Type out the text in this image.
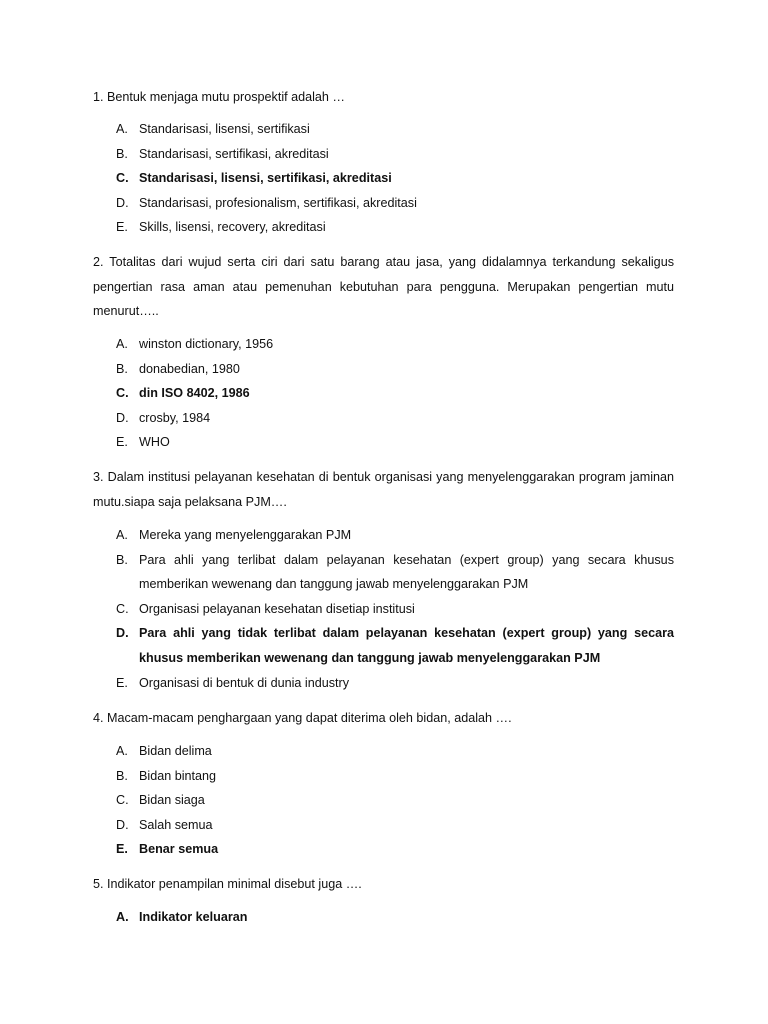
1. Bentuk menjaga mutu prospektif adalah …

A. Standarisasi, lisensi, sertifikasi
B. Standarisasi, sertifikasi, akreditasi
C. Standarisasi, lisensi, sertifikasi, akreditasi
D. Standarisasi, profesionalism, sertifikasi, akreditasi
E. Skills, lisensi, recovery, akreditasi

2. Totalitas dari wujud serta ciri dari satu barang atau jasa, yang didalamnya terkandung sekaligus pengertian rasa aman atau pemenuhan kebutuhan para pengguna. Merupakan pengertian mutu menurut…..

A. winston dictionary, 1956
B. donabedian, 1980
C. din ISO 8402, 1986
D. crosby, 1984
E. WHO

3. Dalam institusi pelayanan kesehatan di bentuk organisasi yang menyelenggarakan program jaminan mutu.siapa saja pelaksana PJM….

A. Mereka yang menyelenggarakan PJM
B. Para ahli yang terlibat dalam pelayanan kesehatan (expert group) yang secara khusus memberikan wewenang dan tanggung jawab menyelenggarakan PJM
C. Organisasi pelayanan kesehatan disetiap institusi
D. Para ahli yang tidak terlibat dalam pelayanan kesehatan (expert group) yang secara khusus memberikan wewenang dan tanggung jawab menyelenggarakan PJM
E. Organisasi di bentuk di dunia industry

4. Macam-macam penghargaan yang dapat diterima oleh bidan, adalah ….

A. Bidan delima
B. Bidan bintang
C. Bidan siaga
D. Salah semua
E. Benar semua

5. Indikator penampilan minimal disebut juga ….

A. Indikator keluaran
